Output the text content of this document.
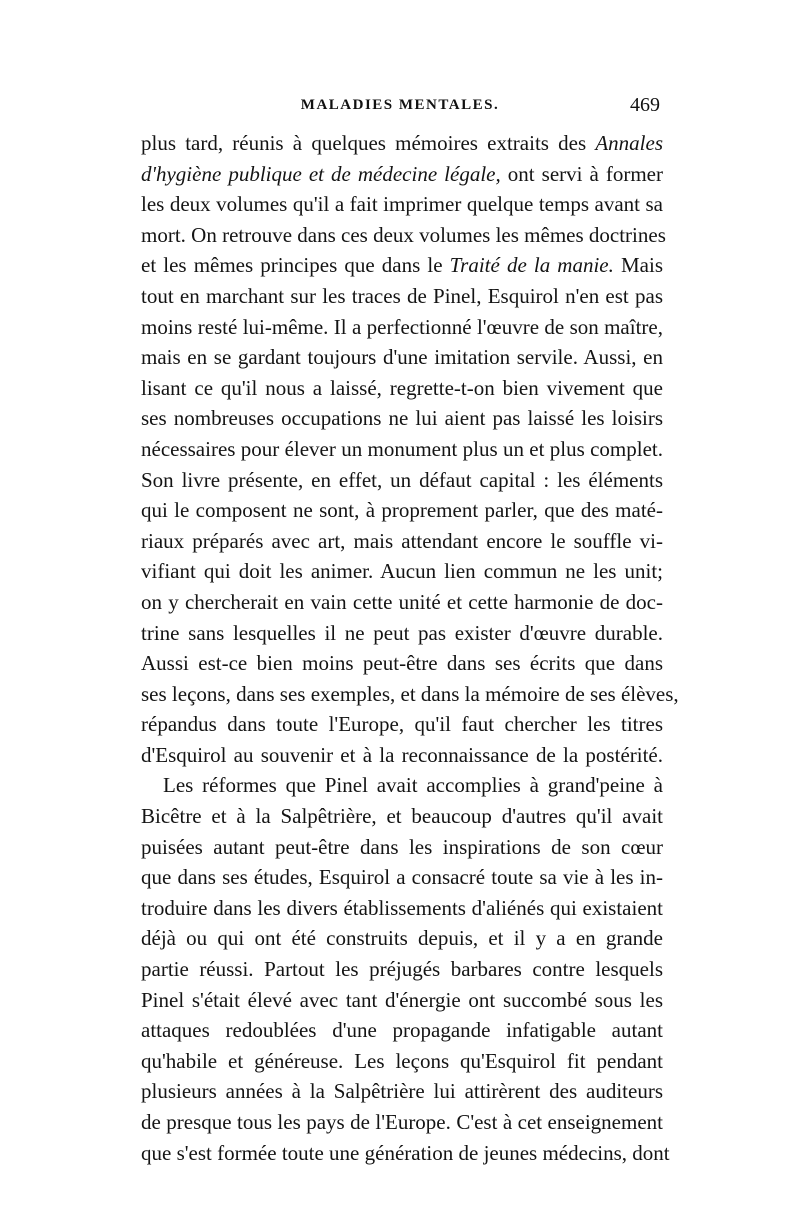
MALADIES MENTALES.	469
plus tard, réunis à quelques mémoires extraits des Annales
d'hygiène publique et de médecine légale, ont servi à former
les deux volumes qu'il a fait imprimer quelque temps avant sa
mort. On retrouve dans ces deux volumes les mêmes doctrines
et les mêmes principes que dans le Traité de la manie. Mais
tout en marchant sur les traces de Pinel, Esquirol n'en est pas
moins resté lui-même. Il a perfectionné l'œuvre de son maître,
mais en se gardant toujours d'une imitation servile. Aussi, en
lisant ce qu'il nous a laissé, regrette-t-on bien vivement que
ses nombreuses occupations ne lui aient pas laissé les loisirs
nécessaires pour élever un monument plus un et plus complet.
Son livre présente, en effet, un défaut capital : les éléments
qui le composent ne sont, à proprement parler, que des maté-
riaux préparés avec art, mais attendant encore le souffle vi-
vifiant qui doit les animer. Aucun lien commun ne les unit;
on y chercherait en vain cette unité et cette harmonie de doc-
trine sans lesquelles il ne peut pas exister d'œuvre durable.
Aussi est-ce bien moins peut-être dans ses écrits que dans
ses leçons, dans ses exemples, et dans la mémoire de ses élèves,
répandus dans toute l'Europe, qu'il faut chercher les titres
d'Esquirol au souvenir et à la reconnaissance de la postérité.
Les réformes que Pinel avait accomplies à grand'peine à
Bicêtre et à la Salpêtrière, et beaucoup d'autres qu'il avait
puisées autant peut-être dans les inspirations de son cœur
que dans ses études, Esquirol a consacré toute sa vie à les in-
troduire dans les divers établissements d'aliénés qui existaient
déjà ou qui ont été construits depuis, et il y a en grande
partie réussi. Partout les préjugés barbares contre lesquels
Pinel s'était élevé avec tant d'énergie ont succombé sous les
attaques redoublées d'une propagande infatigable autant
qu'habile et généreuse. Les leçons qu'Esquirol fit pendant
plusieurs années à la Salpêtrière lui attirèrent des auditeurs
de presque tous les pays de l'Europe. C'est à cet enseignement
que s'est formée toute une génération de jeunes médecins, dont
